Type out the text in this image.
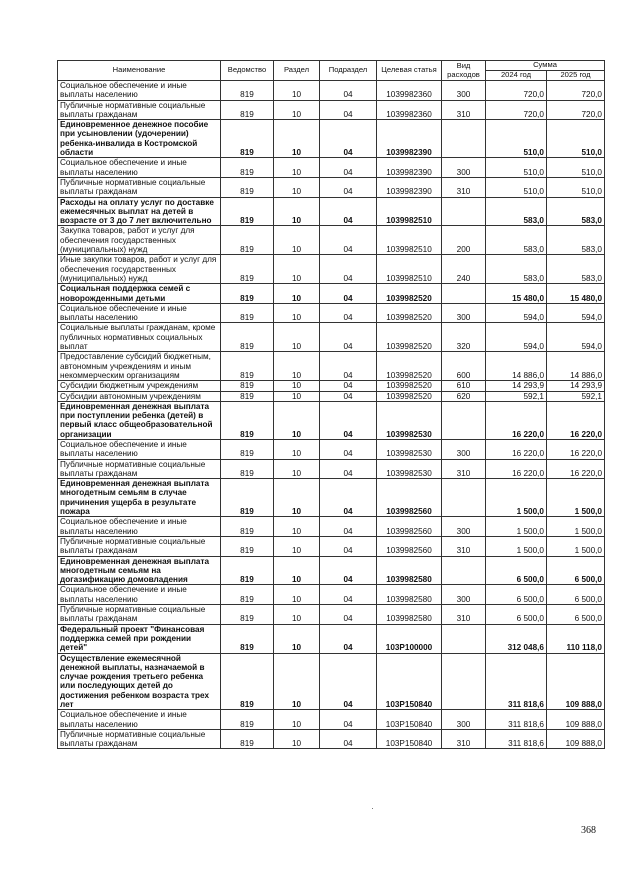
Наименование	Ведомство	Раздел	Подраздел	Целевая статья	Вид расходов	Сумма	
						2024 год	2025 год
Социальное обеспечение и иные выплаты населению	819	10	04	1039982360	300	720,0	720,0
Публичные нормативные социальные выплаты гражданам	819	10	04	1039982360	310	720,0	720,0
Единовременное денежное пособие при усыновлении (удочерении) ребенка-инвалида в Костромской области	819	10	04	1039982390		510,0	510,0
Социальное обеспечение и иные выплаты населению	819	10	04	1039982390	300	510,0	510,0
Публичные нормативные социальные выплаты гражданам	819	10	04	1039982390	310	510,0	510,0
Расходы на оплату услуг по доставке ежемесячных выплат на детей в возрасте от 3 до 7 лет включительно	819	10	04	1039982510		583,0	583,0
Закупка товаров, работ и услуг для обеспечения государственных (муниципальных) нужд	819	10	04	1039982510	200	583,0	583,0
Иные закупки товаров, работ и услуг для обеспечения государственных (муниципальных) нужд	819	10	04	1039982510	240	583,0	583,0
Социальная поддержка семей с новорожденными детьми	819	10	04	1039982520		15 480,0	15 480,0
Социальное обеспечение и иные выплаты населению	819	10	04	1039982520	300	594,0	594,0
Социальные выплаты гражданам, кроме публичных нормативных социальных выплат	819	10	04	1039982520	320	594,0	594,0
Предоставление субсидий бюджетным, автономным учреждениям и иным некоммерческим организациям	819	10	04	1039982520	600	14 886,0	14 886,0
Субсидии бюджетным учреждениям	819	10	04	1039982520	610	14 293,9	14 293,9
Субсидии автономным учреждениям	819	10	04	1039982520	620	592,1	592,1
Единовременная денежная выплата при поступлении ребенка (детей) в первый класс общеобразовательной организации	819	10	04	1039982530		16 220,0	16 220,0
Социальное обеспечение и иные выплаты населению	819	10	04	1039982530	300	16 220,0	16 220,0
Публичные нормативные социальные выплаты гражданам	819	10	04	1039982530	310	16 220,0	16 220,0
Единовременная денежная выплата многодетным семьям в случае причинения ущерба в результате пожара	819	10	04	1039982560		1 500,0	1 500,0
Социальное обеспечение и иные выплаты населению	819	10	04	1039982560	300	1 500,0	1 500,0
Публичные нормативные социальные выплаты гражданам	819	10	04	1039982560	310	1 500,0	1 500,0
Единовременная денежная выплата многодетным семьям на догазификацию домовладения	819	10	04	1039982580		6 500,0	6 500,0
Социальное обеспечение и иные выплаты населению	819	10	04	1039982580	300	6 500,0	6 500,0
Публичные нормативные социальные выплаты гражданам	819	10	04	1039982580	310	6 500,0	6 500,0
Федеральный проект "Финансовая поддержка семей при рождении детей"	819	10	04	103P100000		312 048,6	110 118,0
Осуществление ежемесячной денежной выплаты, назначаемой в случае рождения третьего ребенка или последующих детей до достижения ребенком возраста трех лет	819	10	04	103P150840		311 818,6	109 888,0
Социальное обеспечение и иные выплаты населению	819	10	04	103P150840	300	311 818,6	109 888,0
Публичные нормативные социальные выплаты гражданам	819	10	04	103P150840	310	311 818,6	109 888,0
368
